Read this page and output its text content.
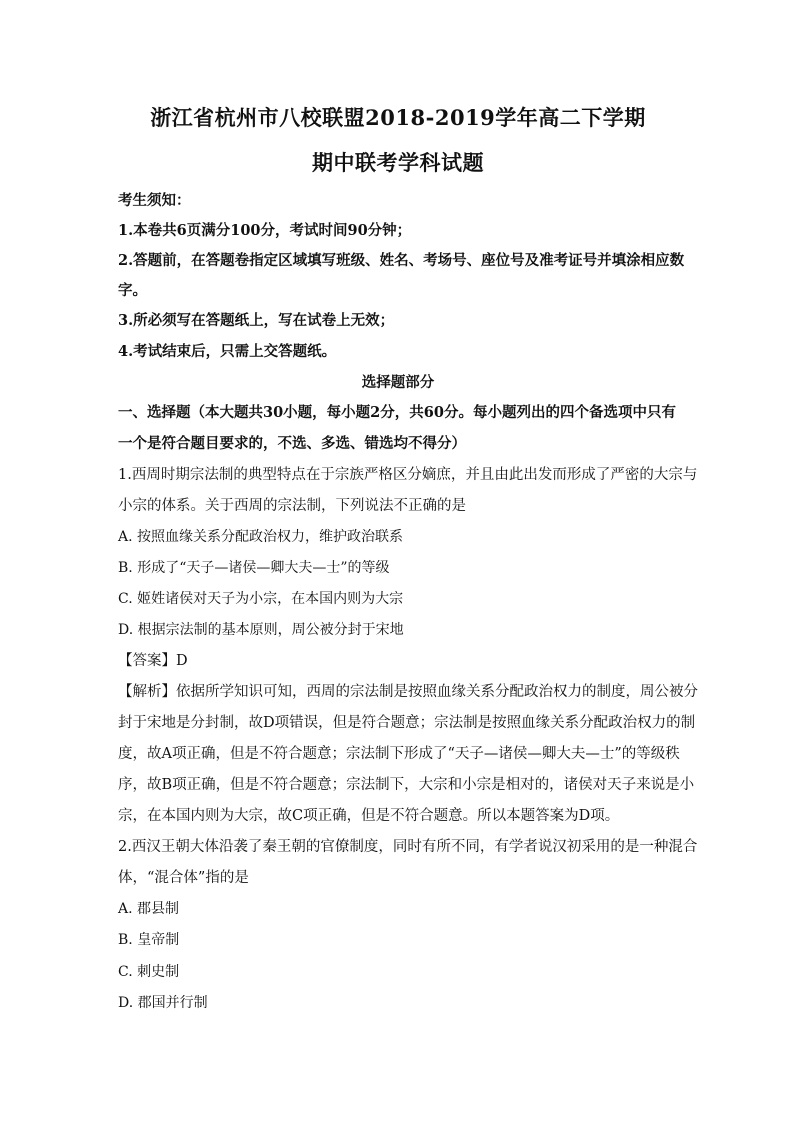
浙江省杭州市八校联盟2018-2019学年高二下学期
期中联考学科试题
考生须知：
1.本卷共6页满分100分，考试时间90分钟；
2.答题前，在答题卷指定区域填写班级、姓名、考场号、座位号及准考证号并填涂相应数
字。
3.所必须写在答题纸上，写在试卷上无效；
4.考试结束后，只需上交答题纸。
选择题部分
一、选择题（本大题共30小题，每小题2分，共60分。每小题列出的四个备选项中只有
一个是符合题目要求的，不选、多选、错选均不得分）
1.西周时期宗法制的典型特点在于宗族严格区分嫡庶，并且由此出发而形成了严密的大宗与
小宗的体系。关于西周的宗法制，下列说法不正确的是
A. 按照血缘关系分配政治权力，维护政治联系
B. 形成了“天子—诸侯—卿大夫—士”的等级
C. 姬姓诸侯对天子为小宗，在本国内则为大宗
D. 根据宗法制的基本原则，周公被分封于宋地
【答案】D
【解析】依据所学知识可知，西周的宗法制是按照血缘关系分配政治权力的制度，周公被分
封于宋地是分封制，故D项错误，但是符合题意；宗法制是按照血缘关系分配政治权力的制
度，故A项正确，但是不符合题意；宗法制下形成了“天子—诸侯—卿大夫—士”的等级秩
序，故B项正确，但是不符合题意；宗法制下，大宗和小宗是相对的，诸侯对天子来说是小
宗，在本国内则为大宗，故C项正确，但是不符合题意。所以本题答案为D项。
2.西汉王朝大体沿袭了秦王朝的官僚制度，同时有所不同，有学者说汉初采用的是一种混合
体，“混合体”指的是
A. 郡县制
B. 皇帝制
C. 刺史制
D. 郡国并行制
